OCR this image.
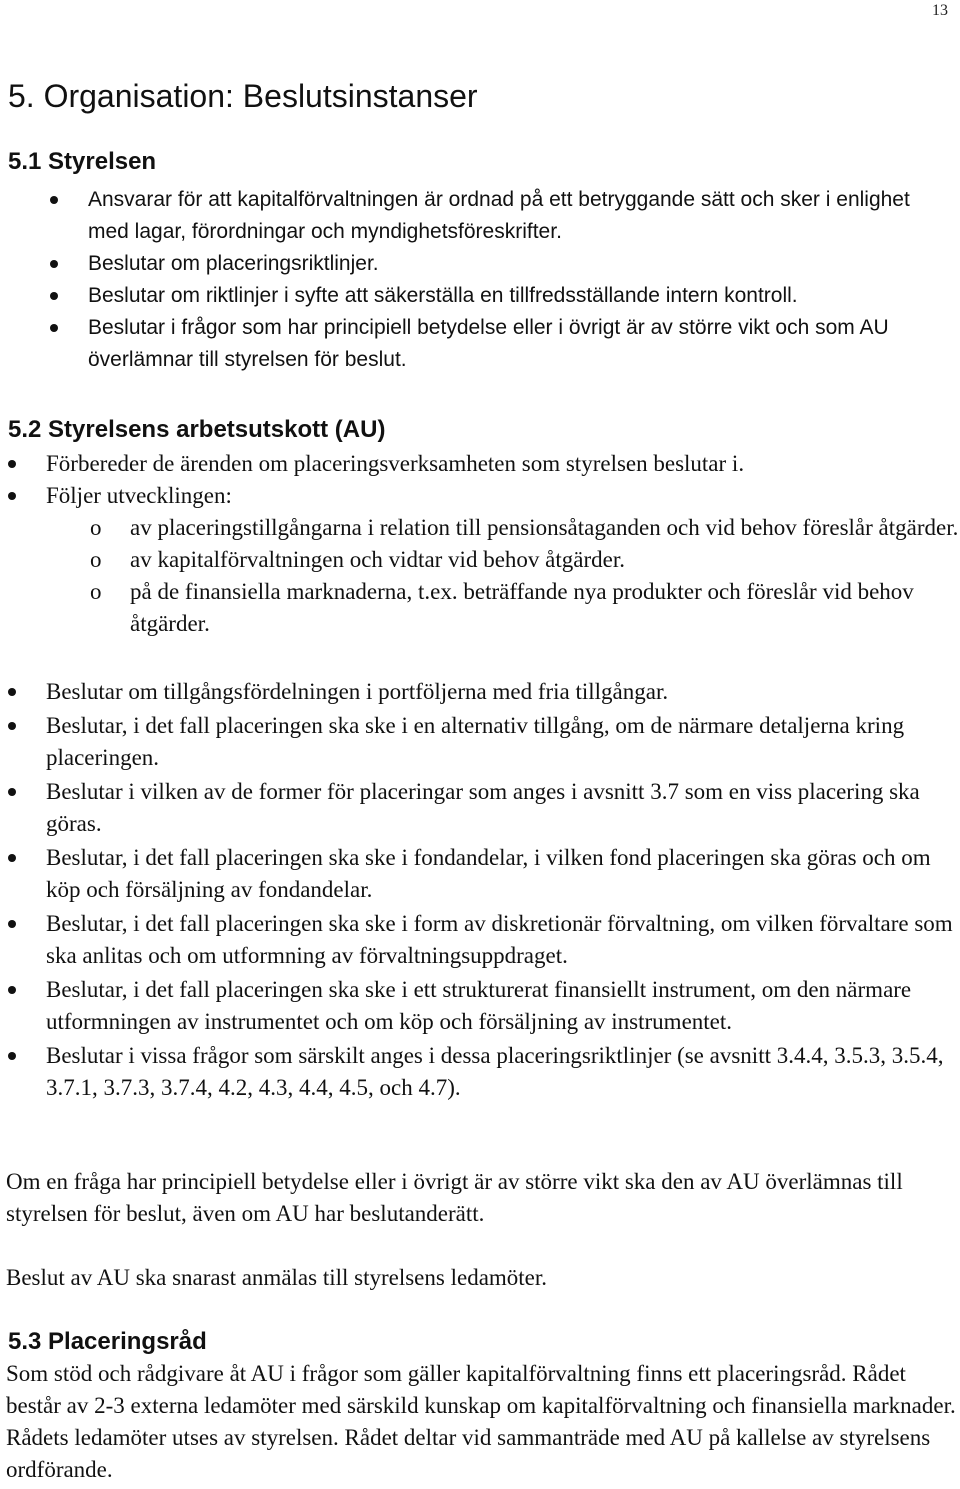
13
5. Organisation: Beslutsinstanser
5.1 Styrelsen
Ansvarar för att kapitalförvaltningen är ordnad på ett betryggande sätt och sker i enlighet med lagar, förordningar och myndighetsföreskrifter.
Beslutar om placeringsriktlinjer.
Beslutar om riktlinjer i syfte att säkerställa en tillfredsställande intern kontroll.
Beslutar i frågor som har principiell betydelse eller i övrigt är av större vikt och som AU överlämnar till styrelsen för beslut.
5.2 Styrelsens arbetsutskott (AU)
Förbereder de ärenden om placeringsverksamheten som styrelsen beslutar i.
Följer utvecklingen:
o av placeringstillgångarna i relation till pensionsåtaganden och vid behov föreslår åtgärder.
o av kapitalförvaltningen och vidtar vid behov åtgärder.
o på de finansiella marknaderna, t.ex. beträffande nya produkter och föreslår vid behov åtgärder.
Beslutar om tillgångsfördelningen i portföljerna med fria tillgångar.
Beslutar, i det fall placeringen ska ske i en alternativ tillgång, om de närmare detaljerna kring placeringen.
Beslutar i vilken av de former för placeringar som anges i avsnitt 3.7 som en viss placering ska göras.
Beslutar, i det fall placeringen ska ske i fondandelar, i vilken fond placeringen ska göras och om köp och försäljning av fondandelar.
Beslutar, i det fall placeringen ska ske i form av diskretionär förvaltning, om vilken förvaltare som ska anlitas och om utformning av förvaltningsuppdraget.
Beslutar, i det fall placeringen ska ske i ett strukturerat finansiellt instrument, om den närmare utformningen av instrumentet och om köp och försäljning av instrumentet.
Beslutar i vissa frågor som särskilt anges i dessa placeringsriktlinjer (se avsnitt 3.4.4, 3.5.3, 3.5.4, 3.7.1, 3.7.3, 3.7.4, 4.2, 4.3, 4.4, 4.5, och 4.7).

Om en fråga har principiell betydelse eller i övrigt är av större vikt ska den av AU överlämnas till styrelsen för beslut, även om AU har beslutanderätt.

Beslut av AU ska snarast anmälas till styrelsens ledamöter.

5.3 Placeringsråd

Som stöd och rådgivare åt AU i frågor som gäller kapitalförvaltning finns ett placeringsråd. Rådet består av 2-3 externa ledamöter med särskild kunskap om kapitalförvaltning och finansiella marknader. Rådets ledamöter utses av styrelsen. Rådet deltar vid sammanträde med AU på kallelse av styrelsens ordförande.
